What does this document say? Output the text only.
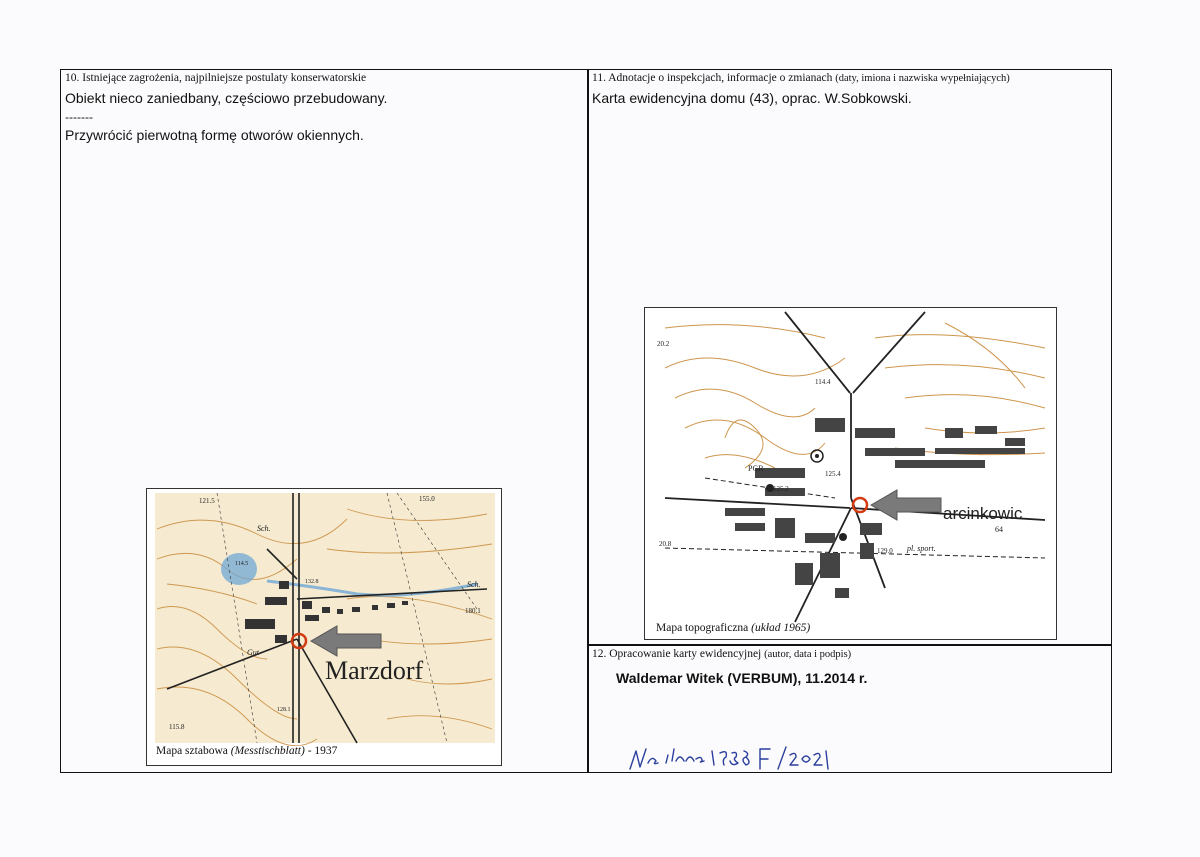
10. Istniejące zagrożenia, najpilniejsze postulaty konserwatorskie
Obiekt nieco zaniedbany, częściowo przebudowany.
-------
Przywrócić pierwotną formę otworów okiennych.
11. Adnotacje o inspekcjach, informacje o zmianach (daty, imiona i nazwiska wypełniających)
Karta ewidencyjna domu (43), oprac. W.Sobkowski.
12. Opracowanie karty ewidencyjnej (autor, data i podpis)
Waldemar Witek (VERBUM), 11.2014 r.
121.5	155.0
Sch.
Sch.
Gut
114.5
132.8
180.1
128.1
115.8
Marzdorf
Mapa sztabowa (Messtischblatt) - 1937
20.2
114.4
PGR
125.2
125.4
129.0
20.8
64
pl. sport.
arcinkowic
Mapa topograficzna (układ 1965)
